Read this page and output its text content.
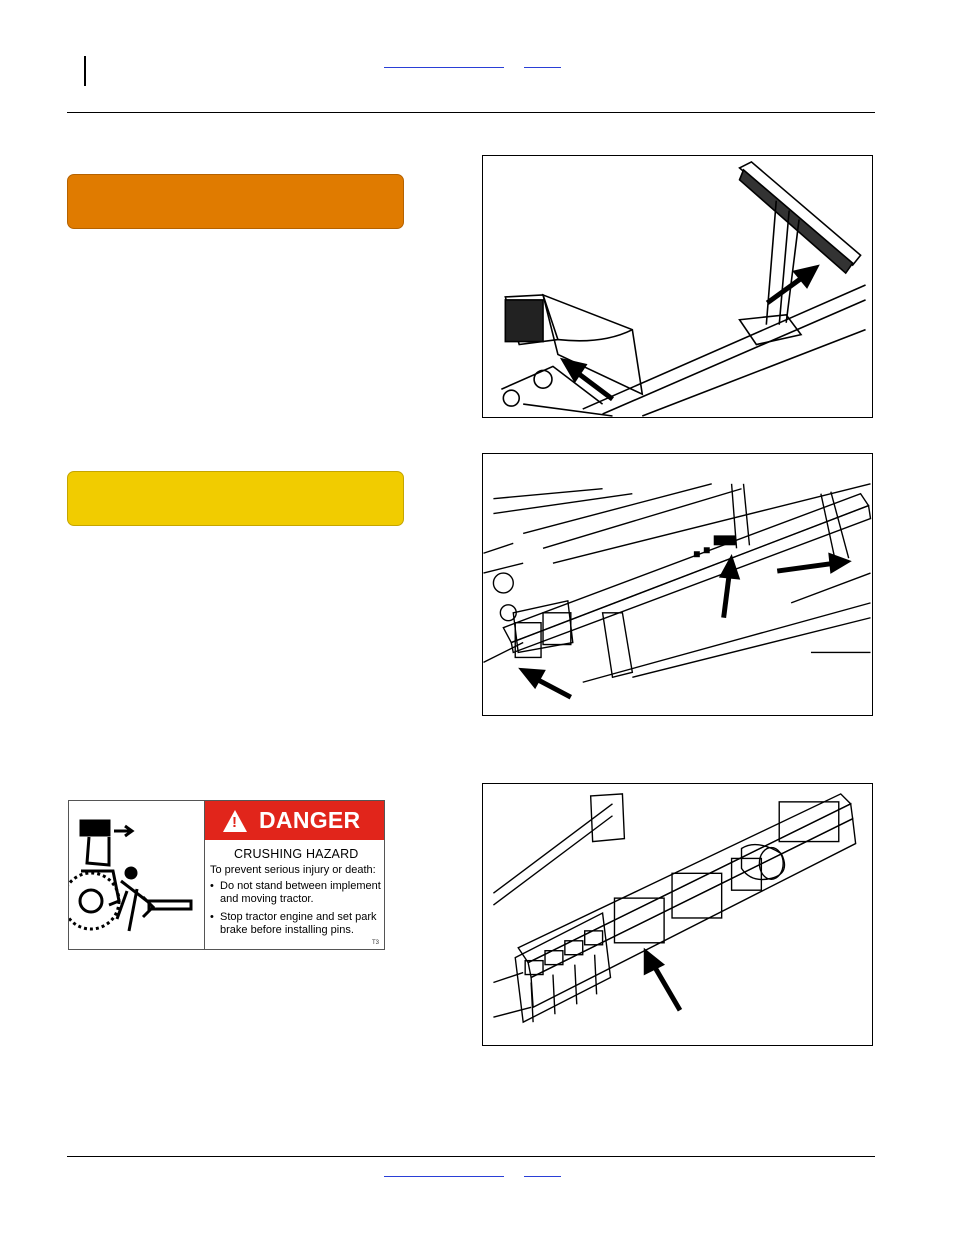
! DANGER
CRUSHING HAZARD
To prevent serious injury or death:
• Do not stand between implement and moving tractor.
• Stop tractor engine and set park brake before installing pins.
T3
